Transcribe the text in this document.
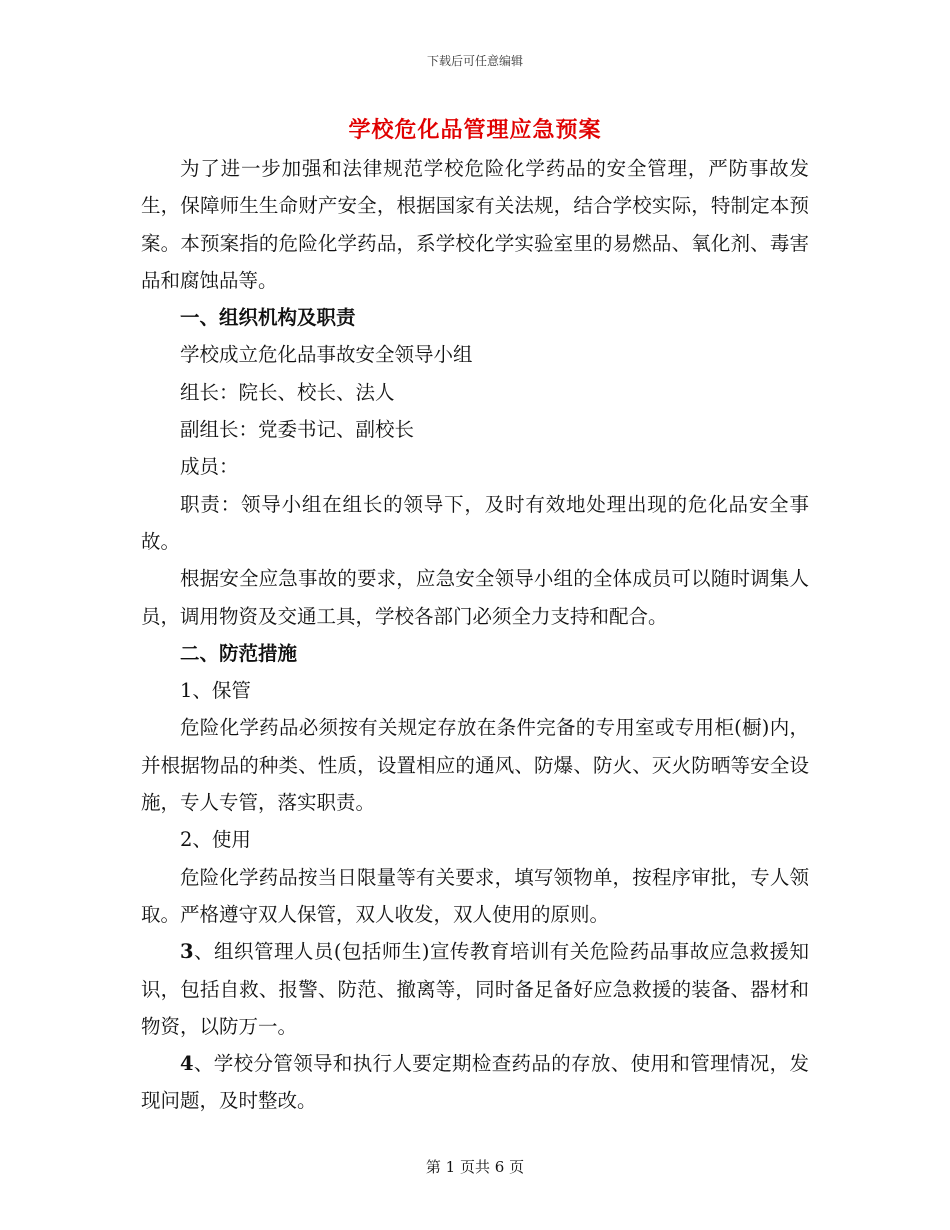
下载后可任意编辑
学校危化品管理应急预案

为了进一步加强和法律规范学校危险化学药品的安全管理，严防事故发生，保障师生生命财产安全，根据国家有关法规，结合学校实际，特制定本预案。本预案指的危险化学药品，系学校化学实验室里的易燃品、氧化剂、毒害品和腐蚀品等。

一、组织机构及职责

学校成立危化品事故安全领导小组

组长：院长、校长、法人

副组长：党委书记、副校长

成员：

职责：领导小组在组长的领导下，及时有效地处理出现的危化品安全事故。

根据安全应急事故的要求，应急安全领导小组的全体成员可以随时调集人员，调用物资及交通工具，学校各部门必须全力支持和配合。

二、防范措施

1、保管

危险化学药品必须按有关规定存放在条件完备的专用室或专用柜(橱)内，并根据物品的种类、性质，设置相应的通风、防爆、防火、灭火防晒等安全设施，专人专管，落实职责。

2、使用

危险化学药品按当日限量等有关要求，填写领物单，按程序审批，专人领取。严格遵守双人保管，双人收发，双人使用的原则。

3、组织管理人员(包括师生)宣传教育培训有关危险药品事故应急救援知识，包括自救、报警、防范、撤离等，同时备足备好应急救援的装备、器材和物资，以防万一。

4、学校分管领导和执行人要定期检查药品的存放、使用和管理情况，发现问题，及时整改。

第 1 页共 6 页
